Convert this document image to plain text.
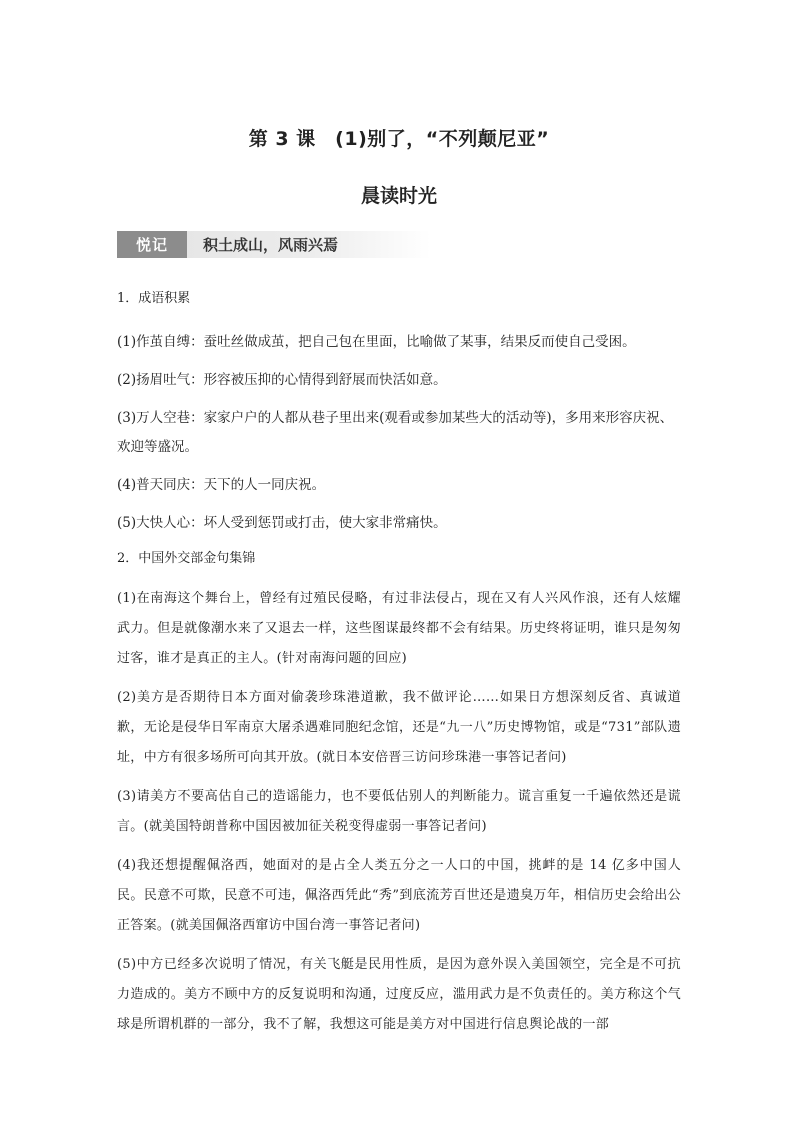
第 3 课　(1)别了，“不列颠尼亚”
晨读时光
悦记	积土成山，风雨兴焉

1．成语积累

(1)作茧自缚：蚕吐丝做成茧，把自己包在里面，比喻做了某事，结果反而使自己受困。

(2)扬眉吐气：形容被压抑的心情得到舒展而快活如意。

(3)万人空巷：家家户户的人都从巷子里出来(观看或参加某些大的活动等)，多用来形容庆祝、欢迎等盛况。

(4)普天同庆：天下的人一同庆祝。

(5)大快人心：坏人受到惩罚或打击，使大家非常痛快。

2．中国外交部金句集锦

(1)在南海这个舞台上，曾经有过殖民侵略，有过非法侵占，现在又有人兴风作浪，还有人炫耀武力。但是就像潮水来了又退去一样，这些图谋最终都不会有结果。历史终将证明，谁只是匆匆过客，谁才是真正的主人。(针对南海问题的回应)

(2)美方是否期待日本方面对偷袭珍珠港道歉，我不做评论……如果日方想深刻反省、真诚道歉，无论是侵华日军南京大屠杀遇难同胞纪念馆，还是“九一八”历史博物馆，或是“731”部队遗址，中方有很多场所可向其开放。(就日本安倍晋三访问珍珠港一事答记者问)

(3)请美方不要高估自己的造谣能力，也不要低估别人的判断能力。谎言重复一千遍依然还是谎言。(就美国特朗普称中国因被加征关税变得虚弱一事答记者问)

(4)我还想提醒佩洛西，她面对的是占全人类五分之一人口的中国，挑衅的是 14 亿多中国人民。民意不可欺，民意不可违，佩洛西凭此“秀”到底流芳百世还是遗臭万年，相信历史会给出公正答案。(就美国佩洛西窜访中国台湾一事答记者问)

(5)中方已经多次说明了情况，有关飞艇是民用性质，是因为意外误入美国领空，完全是不可抗力造成的。美方不顾中方的反复说明和沟通，过度反应，滥用武力是不负责任的。美方称这个气球是所谓机群的一部分，我不了解，我想这可能是美方对中国进行信息舆论战的一部
